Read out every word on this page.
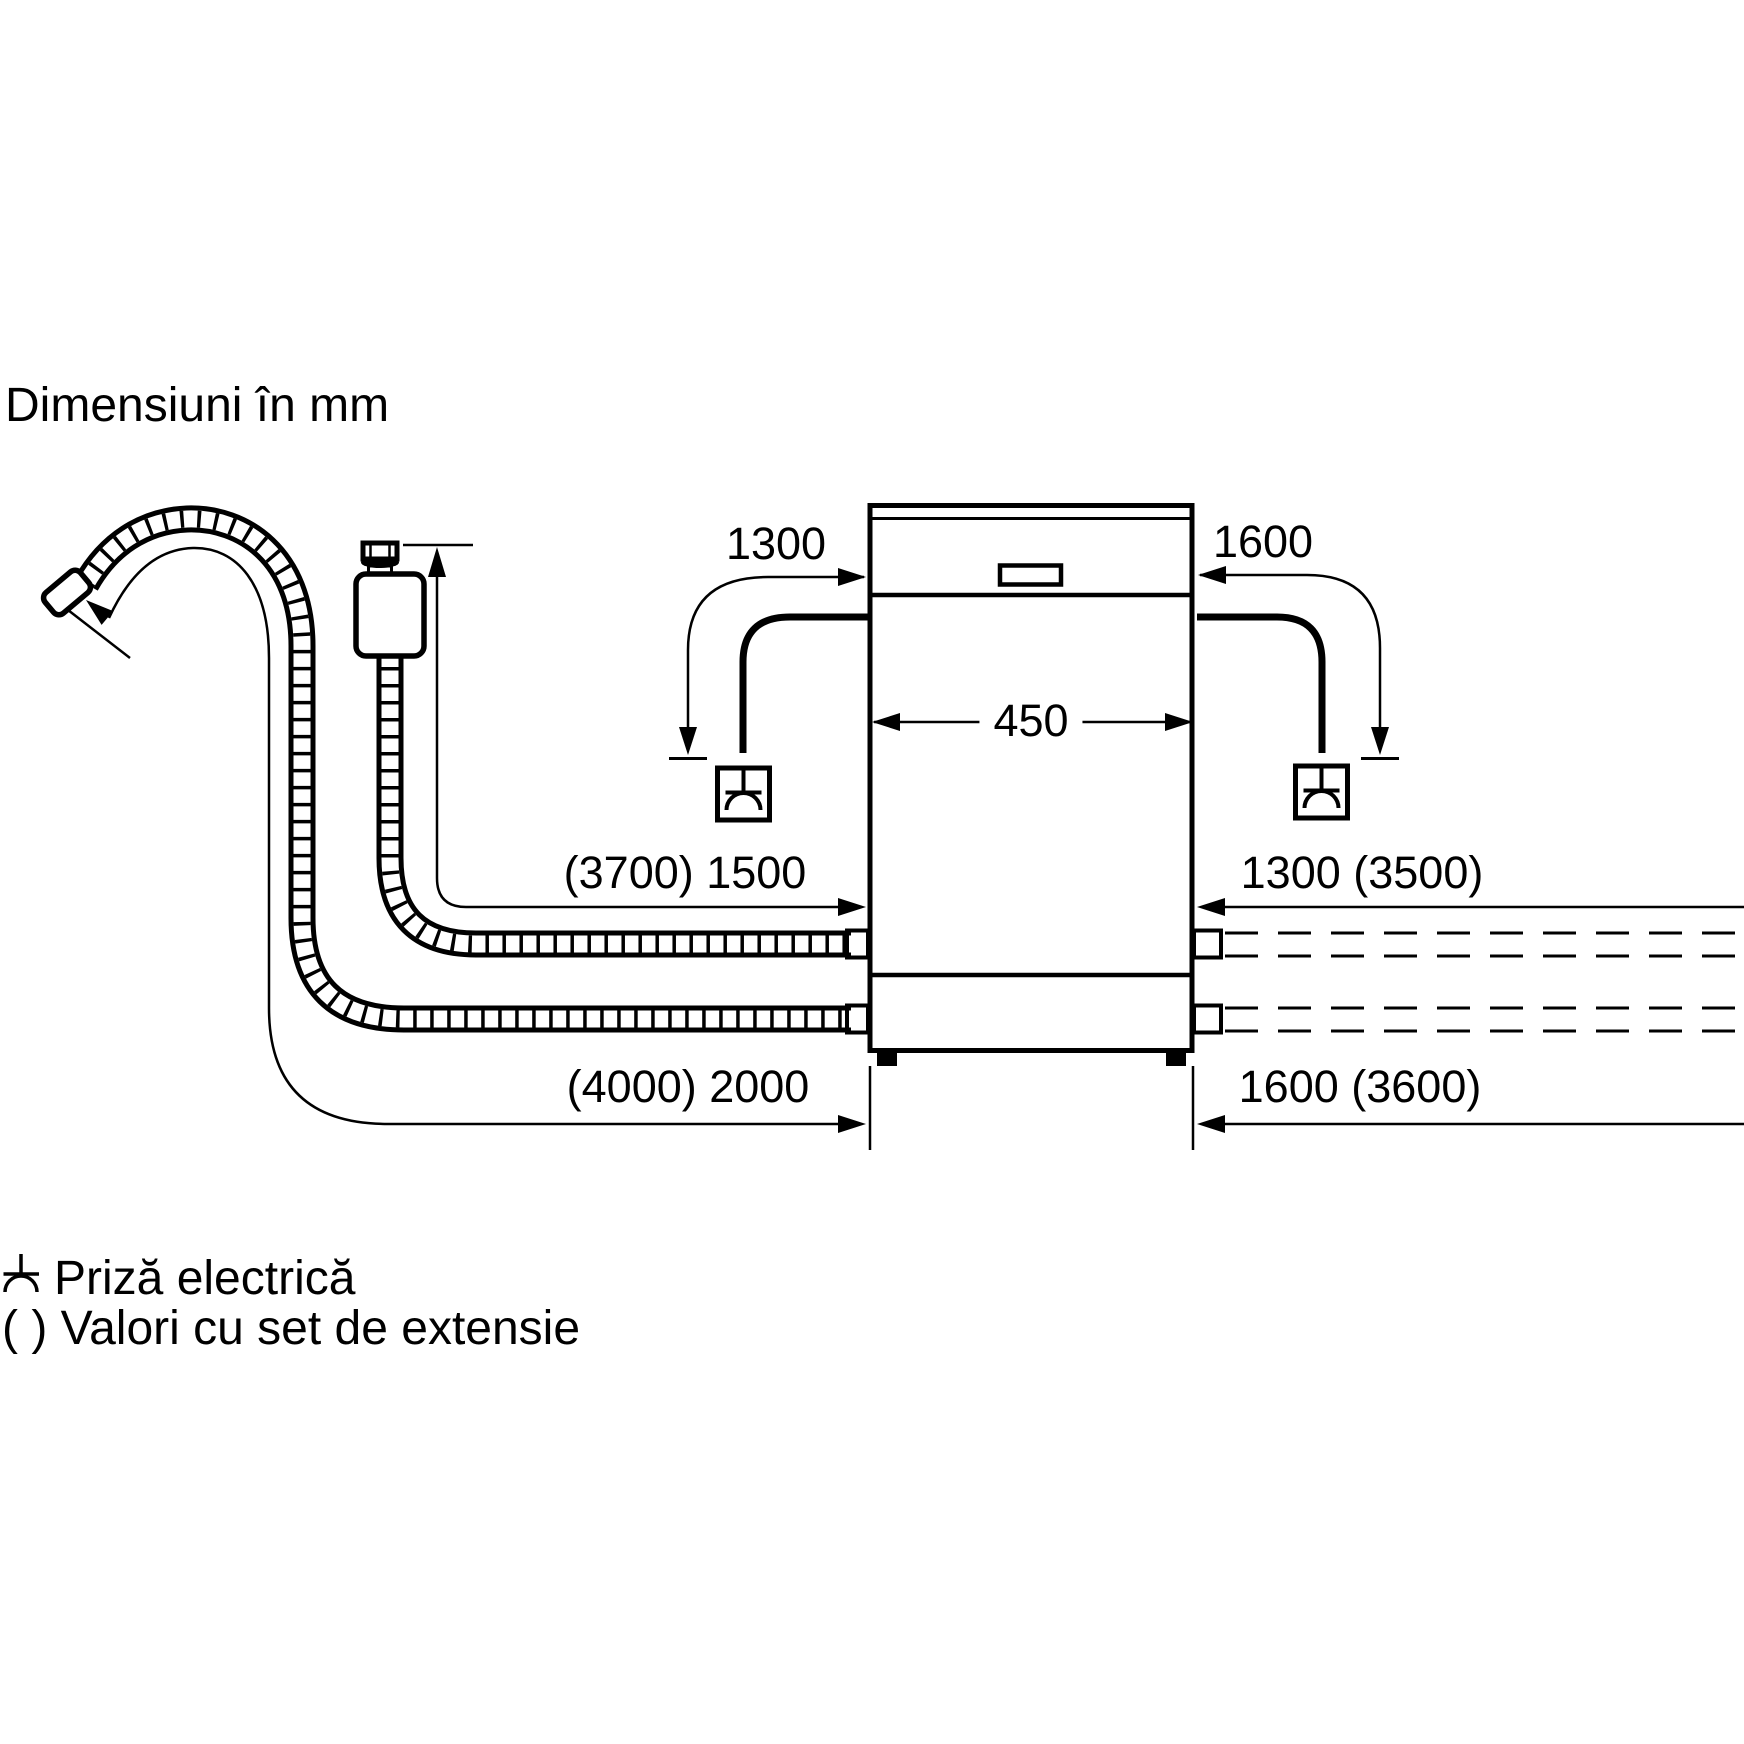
Dimensiuni în mm
1300	1600
450
(3700) 1500	1300 (3500)
(4000) 2000	1600 (3600)
Priză electrică
( ) Valori cu set de extensie
